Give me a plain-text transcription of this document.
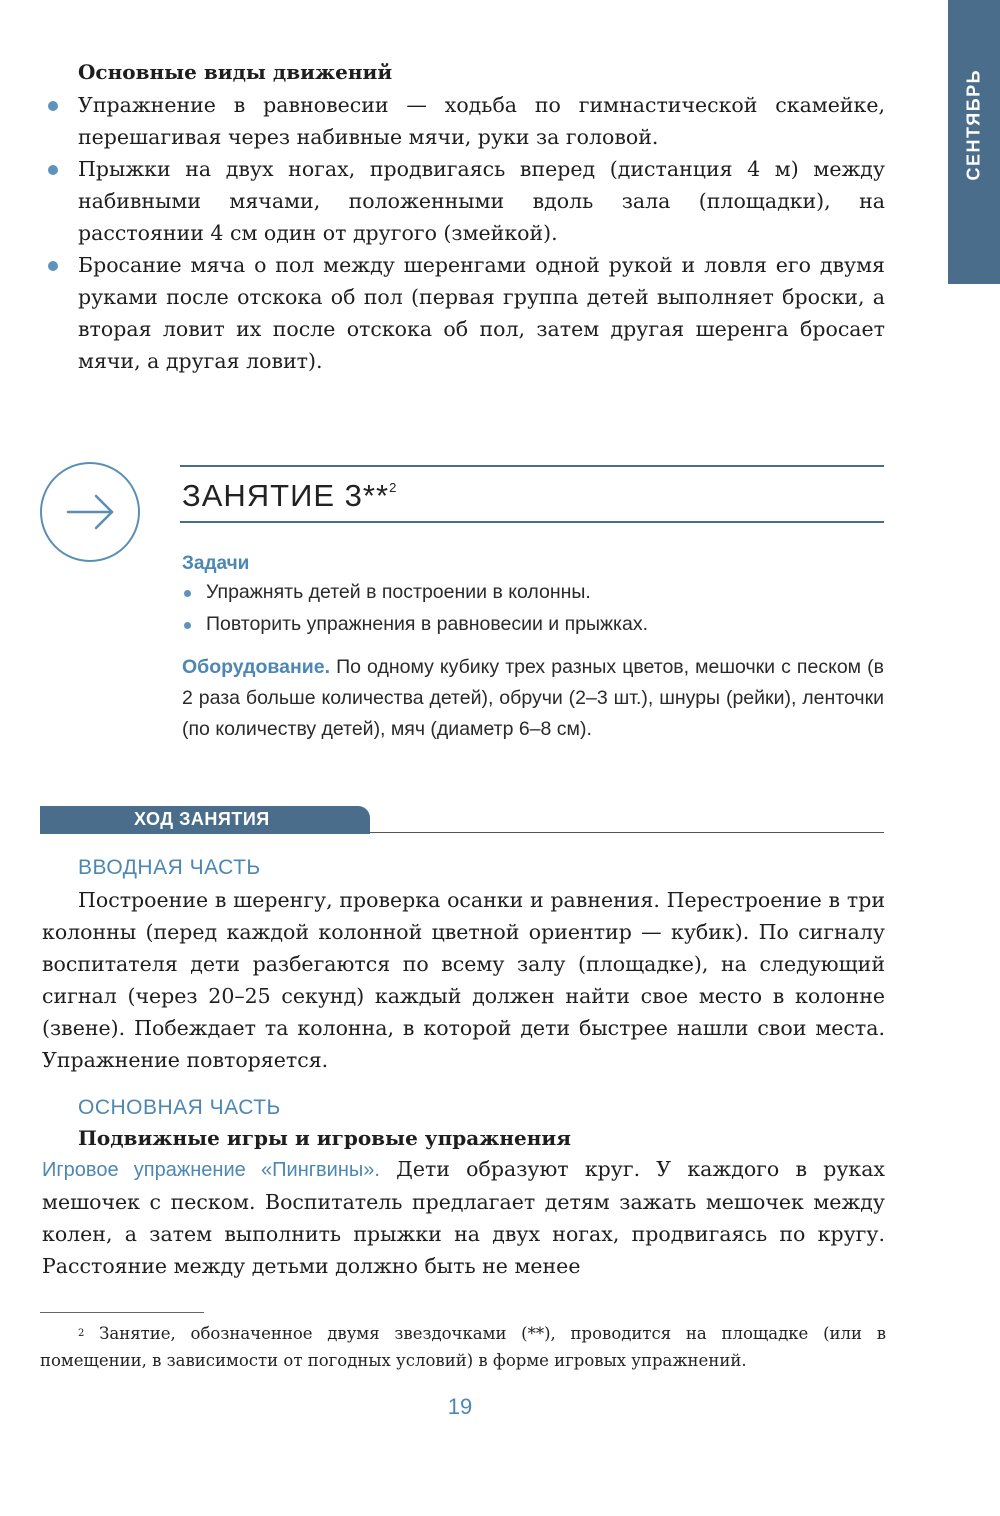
СЕНТЯБРЬ
Основные виды движений
Упражнение в равновесии — ходьба по гимнастической скамейке, перешагивая через набивные мячи, руки за головой.
Прыжки на двух ногах, продвигаясь вперед (дистанция 4 м) между набивными мячами, положенными вдоль зала (площадки), на расстоянии 4 см один от другого (змейкой).
Бросание мяча о пол между шеренгами одной рукой и ловля его двумя руками после отскока об пол (первая группа детей выполняет броски, а вторая ловит их после отскока об пол, затем другая шеренга бросает мячи, а другая ловит).
ЗАНЯТИЕ 3**$^2$
Задачи
Упражнять детей в построении в колонны.
Повторить упражнения в равновесии и прыжках.
Оборудование. По одному кубику трех разных цветов, мешочки с песком (в 2 раза больше количества детей), обручи (2–3 шт.), шнуры (рейки), ленточки (по количеству детей), мяч (диаметр 6–8 см).
ХОД ЗАНЯТИЯ
ВВОДНАЯ ЧАСТЬ
Построение в шеренгу, проверка осанки и равнения. Перестроение в три колонны (перед каждой колонной цветной ориентир — кубик). По сигналу воспитателя дети разбегаются по всему залу (площадке), на следующий сигнал (через 20–25 секунд) каждый должен найти свое место в колонне (звене). Побеждает та колонна, в которой дети быстрее нашли свои места. Упражнение повторяется.
ОСНОВНАЯ ЧАСТЬ
Подвижные игры и игровые упражнения
Игровое упражнение «Пингвины». Дети образуют круг. У каждого в руках мешочек с песком. Воспитатель предлагает детям зажать мешочек между колен, а затем выполнить прыжки на двух ногах, продвигаясь по кругу. Расстояние между детьми должно быть не менее
$^2$ Занятие, обозначенное двумя звездочками (**), проводится на площадке (или в помещении, в зависимости от погодных условий) в форме игровых упражнений.
19
